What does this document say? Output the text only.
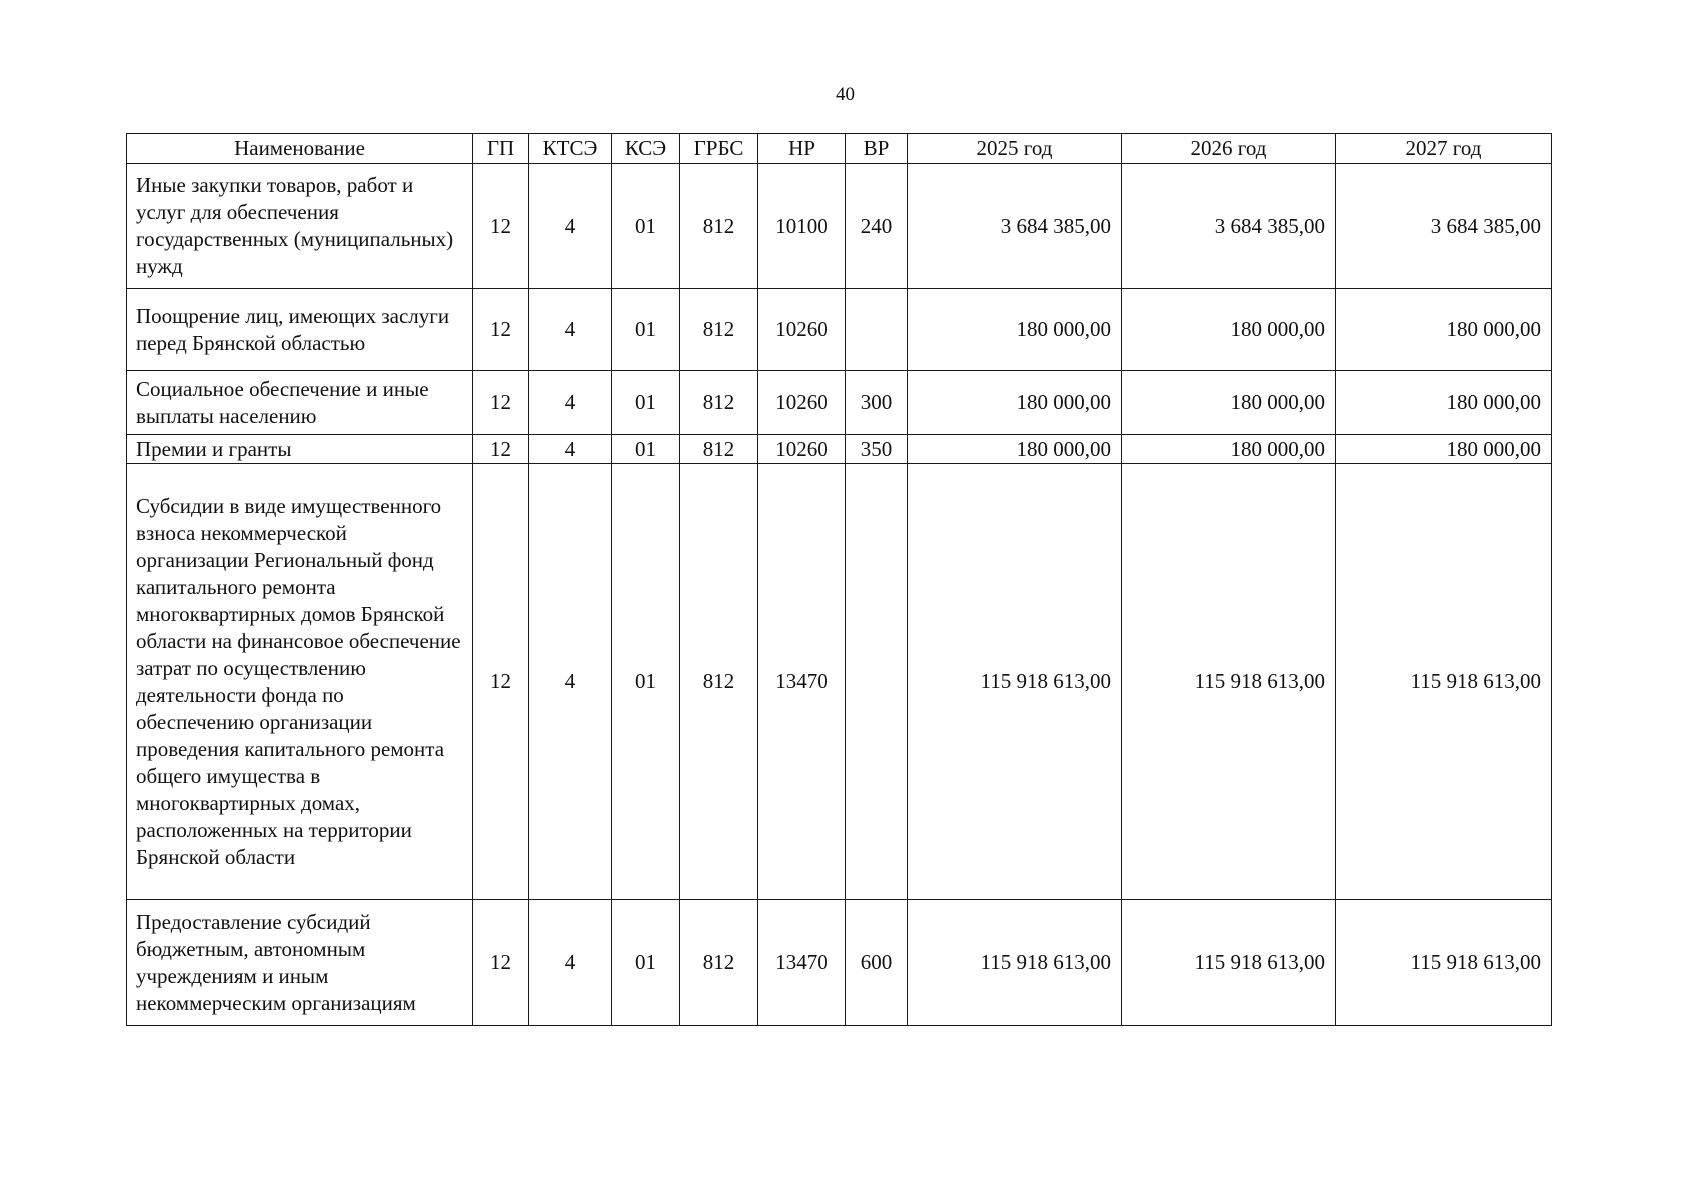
40
Наименование	ГП	КТСЭ	КСЭ	ГРБС	НР	ВР	2025 год	2026 год	2027 год
Иные закупки товаров, работ и услуг для обеспечения государственных (муниципальных) нужд	12	4	01	812	10100	240	3 684 385,00	3 684 385,00	3 684 385,00
Поощрение лиц, имеющих заслуги перед Брянской областью	12	4	01	812	10260		180 000,00	180 000,00	180 000,00
Социальное обеспечение и иные выплаты населению	12	4	01	812	10260	300	180 000,00	180 000,00	180 000,00
Премии и гранты	12	4	01	812	10260	350	180 000,00	180 000,00	180 000,00
Субсидии в виде имущественного взноса некоммерческой организации Региональный фонд капитального ремонта многоквартирных домов Брянской области на финансовое обеспечение затрат по осуществлению деятельности фонда по обеспечению организации проведения капитального ремонта общего имущества в многоквартирных домах, расположенных на территории Брянской области	12	4	01	812	13470		115 918 613,00	115 918 613,00	115 918 613,00
Предоставление субсидий бюджетным, автономным учреждениям и иным некоммерческим организациям	12	4	01	812	13470	600	115 918 613,00	115 918 613,00	115 918 613,00
